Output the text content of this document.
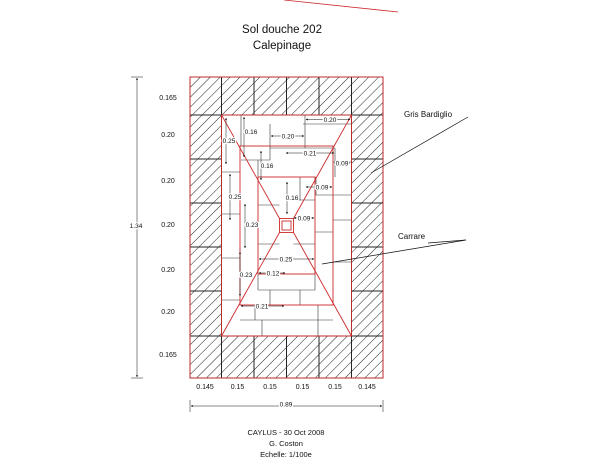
Sol douche 202
Calepinage
0.20
0.16
0.20
0.25
0.21
0.16	0.09
0.09
0.25	0.16
0.23
0.09
0.25
0.12
0.23
0.21
0.165
0.20
0.20
0.20
0.20
0.20
0.165
0.145 0.15	0.15	0.15	0.15 0.145
1.34
0.89
Gris Bardiglio
Carrare
CAYLUS - 30 Oct 2008
G. Coston
Echelle: 1/100e
